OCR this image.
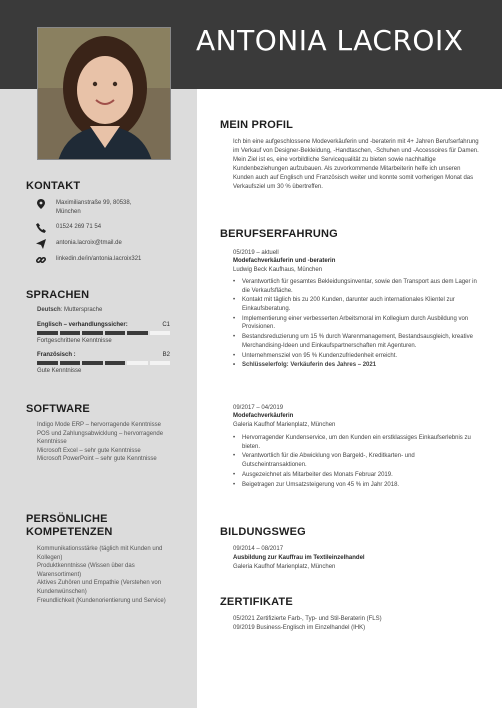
ANTONIA LACROIX
KONTAKT
Maximilianstraße 99, 80538, München
01524 269 71 54
antonia.lacroix@tmail.de
linkedin.de/in/antonia.lacroix321
SPRACHEN
Deutsch: Muttersprache
Englisch – verhandlungssicher:	C1
Fortgeschrittene Kenntnisse
Französisch :	B2
Gute Kenntnisse
SOFTWARE
Indigo Mode ERP – hervorragende Kenntnisse
POS und Zahlungsabwicklung – hervorragende Kenntnisse
Microsoft Excel – sehr gute Kenntnisse
Microsoft PowerPoint – sehr gute Kenntnisse
PERSÖNLICHE
KOMPETENZEN
Kommunikationsstärke (täglich mit Kunden und Kollegen)
Produktkenntnisse (Wissen über das Warensortiment)
Aktives Zuhören und Empathie (Verstehen von Kundenwünschen)
Freundlichkeit (Kundenorientierung und Service)
MEIN PROFIL
Ich bin eine aufgeschlossene Modeverkäuferin und -beraterin mit 4+ Jahren Berufserfahrung im Verkauf von Designer-Bekleidung, -Handtaschen, -Schuhen und -Accessoires für Damen. Mein Ziel ist es, eine vorbildliche Servicequalität zu bieten sowie nachhaltige Kundenbeziehungen aufzubauen. Als zuvorkommende Mitarbeiterin helfe ich unseren Kunden auch auf Englisch und Französisch weiter und konnte somit vorherigen Monat das Verkaufsziel um 30 % übertreffen.
BERUFSERFAHRUNG
05/2019 – aktuell
Modefachverkäuferin und -beraterin
Ludwig Beck Kaufhaus, München
• Verantwortlich für gesamtes Bekleidungsinventar, sowie den Transport aus dem Lager in die Verkaufsfläche.
• Kontakt mit täglich bis zu 200 Kunden, darunter auch internationales Klientel zur Einkaufsberatung.
• Implementierung einer verbesserten Arbeitsmoral im Kollegium durch Ausbildung von Provisionen.
• Bestandsreduzierung um 15 % durch Warenmanagement, Bestandsausgleich, kreative Merchandising-Ideen und Einkaufspartnerschaften mit Agenturen.
• Unternehmensziel von 95 % Kundenzufriedenheit erreicht.
• Schlüsselerfolg: Verkäuferin des Jahres – 2021
09/2017 – 04/2019
Modefachverkäuferin
Galeria Kaufhof Marienplatz, München
• Hervorragender Kundenservice, um den Kunden ein erstklassiges Einkaufserlebnis zu bieten.
• Verantwortlich für die Abwicklung von Bargeld-, Kreditkarten- und Gutscheintransaktionen.
• Ausgezeichnet als Mitarbeiter des Monats Februar 2019.
• Beigetragen zur Umsatzsteigerung von 45 % im Jahr 2018.
BILDUNGSWEG
09/2014 – 08/2017
Ausbildung zur Kauffrau im Textileinzelhandel
Galeria Kaufhof Marienplatz, München
ZERTIFIKATE
05/2021 Zertifizierte Farb-, Typ- und Stil-Beraterin (FLS)
09/2019 Business-Englisch im Einzelhandel (IHK)
